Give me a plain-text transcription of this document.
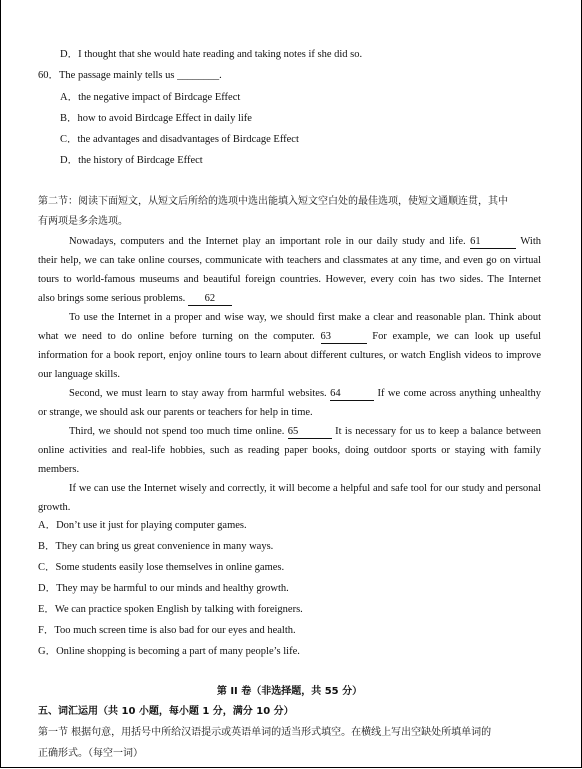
D．I thought that she would hate reading and taking notes if she did so.
60．The passage mainly tells us ________.
A．the negative impact of Birdcage Effect
B．how to avoid Birdcage Effect in daily life
C．the advantages and disadvantages of Birdcage Effect
D．the history of Birdcage Effect
第二节：阅读下面短文，从短文后所给的选项中选出能填入短文空白处的最佳选项，使短文通顺连贯，其中
有两项是多余选项。
Nowadays, computers and the Internet play an important role in our daily study and life. 61	With
their help, we can take online courses, communicate with teachers and classmates at any time, and even go on virtual
tours to world-famous museums and beautiful foreign countries. However, every coin has two sides. The Internet
also brings some serious problems. 62
To use the Internet in a proper and wise way, we should first make a clear and reasonable plan. Think about
what we need to do online before turning on the computer. 63	For example, we can look up useful
information for a book report, enjoy online tours to learn about different cultures, or watch English videos to improve
our language skills.
Second, we must learn to stay away from harmful websites. 64	If we come across anything unhealthy
or strange, we should ask our parents or teachers for help in time.
Third, we should not spend too much time online. 65	It is necessary for us to keep a balance between
online activities and real-life hobbies, such as reading paper books, doing outdoor sports or staying with family
members.
If we can use the Internet wisely and correctly, it will become a helpful and safe tool for our study and personal
growth.
A．Don’t use it just for playing computer games.
B．They can bring us great convenience in many ways.
C．Some students easily lose themselves in online games.
D．They may be harmful to our minds and healthy growth.
E．We can practice spoken English by talking with foreigners.
F．Too much screen time is also bad for our eyes and health.
G．Online shopping is becoming a part of many people’s life.
第 II 卷（非选择题，共 55 分）
五、词汇运用（共 10 小题，每小题 1 分，满分 10 分）
第一节 根据句意，用括号中所给汉语提示或英语单词的适当形式填空。在横线上写出空缺处所填单词的
正确形式。（每空一词）
